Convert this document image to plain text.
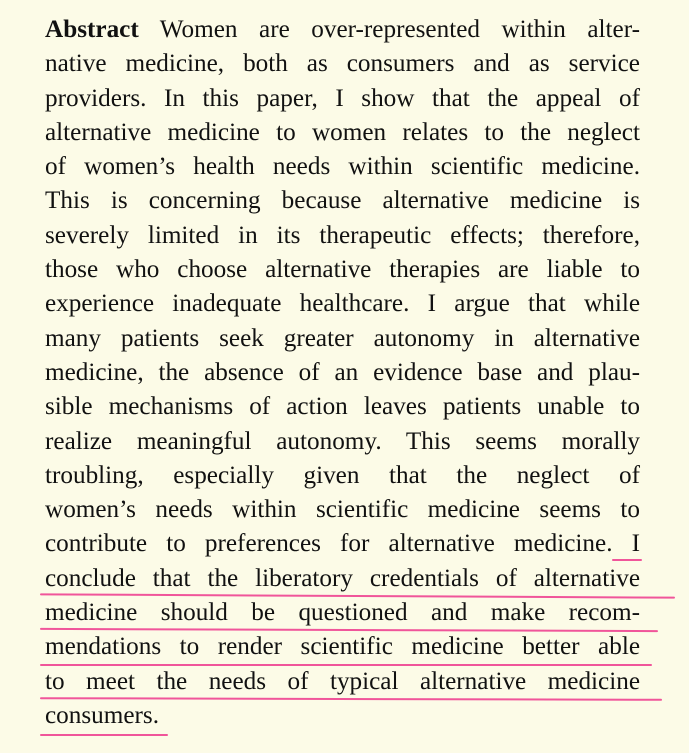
Abstract Women are over-represented within alter-
native medicine, both as consumers and as service
providers. In this paper, I show that the appeal of
alternative medicine to women relates to the neglect
of women’s health needs within scientific medicine.
This is concerning because alternative medicine is
severely limited in its therapeutic effects; therefore,
those who choose alternative therapies are liable to
experience inadequate healthcare. I argue that while
many patients seek greater autonomy in alternative
medicine, the absence of an evidence base and plau-
sible mechanisms of action leaves patients unable to
realize meaningful autonomy. This seems morally
troubling, especially given that the neglect of
women’s needs within scientific medicine seems to
contribute to preferences for alternative medicine. I
conclude that the liberatory credentials of alternative
medicine should be questioned and make recom-
mendations to render scientific medicine better able
to meet the needs of typical alternative medicine
consumers.
